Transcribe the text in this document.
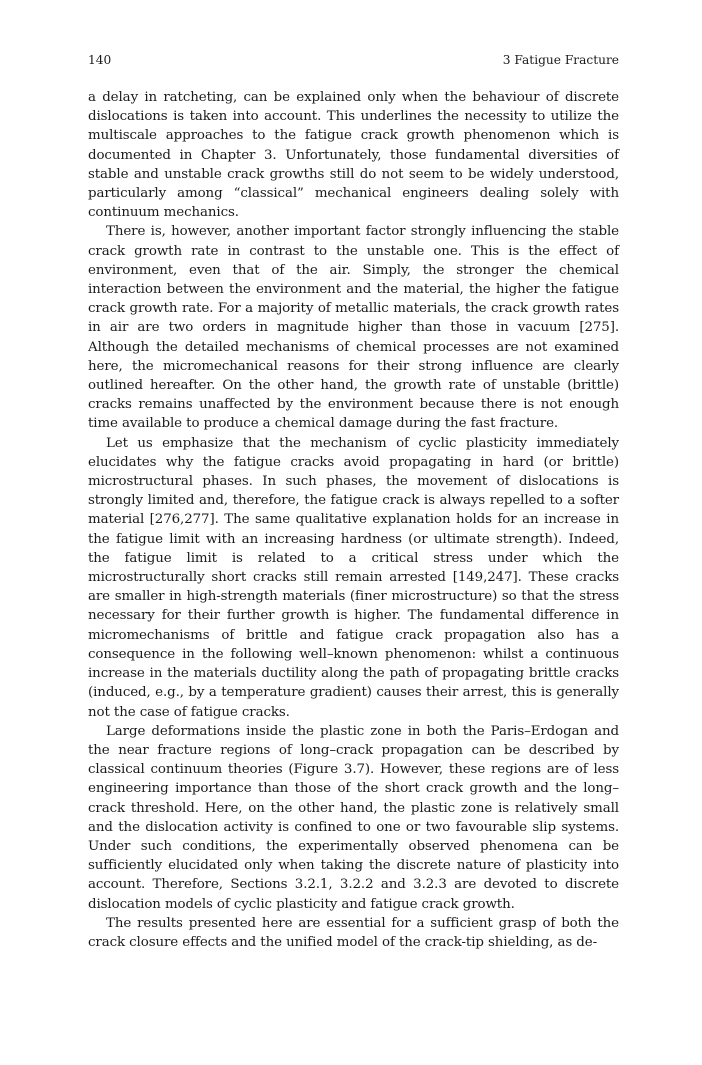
140	3 Fatigue Fracture

a delay in ratcheting, can be explained only when the behaviour of discrete dislocations is taken into account. This underlines the necessity to utilize the multiscale approaches to the fatigue crack growth phenomenon which is documented in Chapter 3. Unfortunately, those fundamental diversities of stable and unstable crack growths still do not seem to be widely understood, particularly among “classical” mechanical engineers dealing solely with continuum mechanics.

There is, however, another important factor strongly influencing the stable crack growth rate in contrast to the unstable one. This is the effect of environment, even that of the air. Simply, the stronger the chemical interaction between the environment and the material, the higher the fatigue crack growth rate. For a majority of metallic materials, the crack growth rates in air are two orders in magnitude higher than those in vacuum [275]. Although the detailed mechanisms of chemical processes are not examined here, the micromechanical reasons for their strong influence are clearly outlined hereafter. On the other hand, the growth rate of unstable (brittle) cracks remains unaffected by the environment because there is not enough time available to produce a chemical damage during the fast fracture.

Let us emphasize that the mechanism of cyclic plasticity immediately elucidates why the fatigue cracks avoid propagating in hard (or brittle) microstructural phases. In such phases, the movement of dislocations is strongly limited and, therefore, the fatigue crack is always repelled to a softer material [276,277]. The same qualitative explanation holds for an increase in the fatigue limit with an increasing hardness (or ultimate strength). Indeed, the fatigue limit is related to a critical stress under which the microstructurally short cracks still remain arrested [149,247]. These cracks are smaller in high-strength materials (finer microstructure) so that the stress necessary for their further growth is higher. The fundamental difference in micromechanisms of brittle and fatigue crack propagation also has a consequence in the following well–known phenomenon: whilst a continuous increase in the materials ductility along the path of propagating brittle cracks (induced, e.g., by a temperature gradient) causes their arrest, this is generally not the case of fatigue cracks.

Large deformations inside the plastic zone in both the Paris–Erdogan and the near fracture regions of long–crack propagation can be described by classical continuum theories (Figure 3.7). However, these regions are of less engineering importance than those of the short crack growth and the long–crack threshold. Here, on the other hand, the plastic zone is relatively small and the dislocation activity is confined to one or two favourable slip systems. Under such conditions, the experimentally observed phenomena can be sufficiently elucidated only when taking the discrete nature of plasticity into account. Therefore, Sections 3.2.1, 3.2.2 and 3.2.3 are devoted to discrete dislocation models of cyclic plasticity and fatigue crack growth.

The results presented here are essential for a sufficient grasp of both the crack closure effects and the unified model of the crack-tip shielding, as de-
